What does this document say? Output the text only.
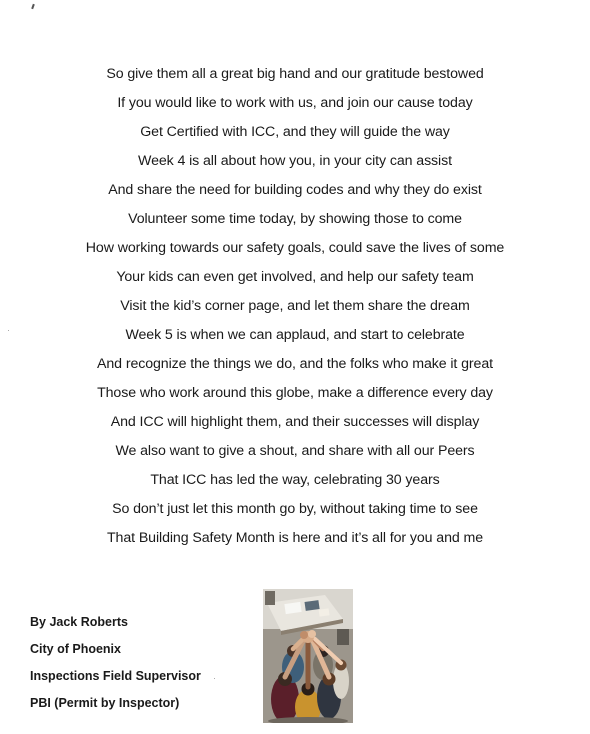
So give them all a great big hand and our gratitude bestowed
If you would like to work with us, and join our cause today
Get Certified with ICC, and they will guide the way
Week 4 is all about how you, in your city can assist
And share the need for building codes and why they do exist
Volunteer some time today, by showing those to come
How working towards our safety goals, could save the lives of some
Your kids can even get involved, and help our safety team
Visit the kid’s corner page, and let them share the dream
Week 5 is when we can applaud, and start to celebrate
And recognize the things we do, and the folks who make it great
Those who work around this globe, make a difference every day
And ICC will highlight them, and their successes will display
We also want to give a shout, and share with all our Peers
That ICC has led the way, celebrating 30 years
So don’t just let this month go by, without taking time to see
That Building Safety Month is here and it’s all for you and me
By Jack Roberts
City of Phoenix
Inspections Field Supervisor
PBI (Permit by Inspector)
